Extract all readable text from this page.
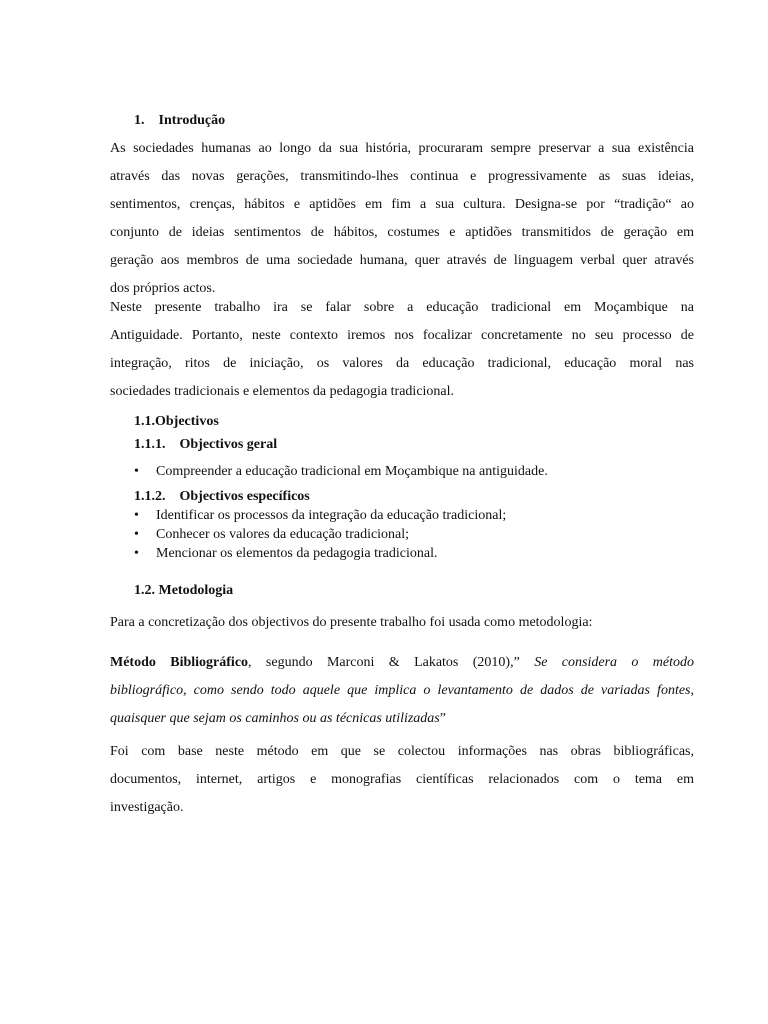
1. Introdução
As sociedades humanas ao longo da sua história, procuraram sempre preservar a sua existência
através das novas gerações, transmitindo-lhes continua e progressivamente as suas ideias,
sentimentos, crenças, hábitos e aptidões em fim a sua cultura. Designa-se por “tradição“ ao
conjunto de ideias sentimentos de hábitos, costumes e aptidões transmitidos de geração em
geração aos membros de uma sociedade humana, quer através de linguagem verbal quer através
dos próprios actos.
Neste presente trabalho ira se falar sobre a educação tradicional em Moçambique na
Antiguidade. Portanto, neste contexto iremos nos focalizar concretamente no seu processo de
integração, ritos de iniciação, os valores da educação tradicional, educação moral nas
sociedades tradicionais e elementos da pedagogia tradicional.
1.1.Objectivos
1.1.1. Objectivos geral
• Compreender a educação tradicional em Moçambique na antiguidade.
1.1.2. Objectivos específicos
• Identificar os processos da integração da educação tradicional;
• Conhecer os valores da educação tradicional;
• Mencionar os elementos da pedagogia tradicional.
1.2. Metodologia
Para a concretização dos objectivos do presente trabalho foi usada como metodologia:
Método Bibliográfico, segundo Marconi & Lakatos (2010),” Se considera o método
bibliográfico, como sendo todo aquele que implica o levantamento de dados de variadas fontes,
quaisquer que sejam os caminhos ou as técnicas utilizadas”
Foi com base neste método em que se colectou informações nas obras bibliográficas,
documentos, internet, artigos e monografias científicas relacionados com o tema em
investigação.
